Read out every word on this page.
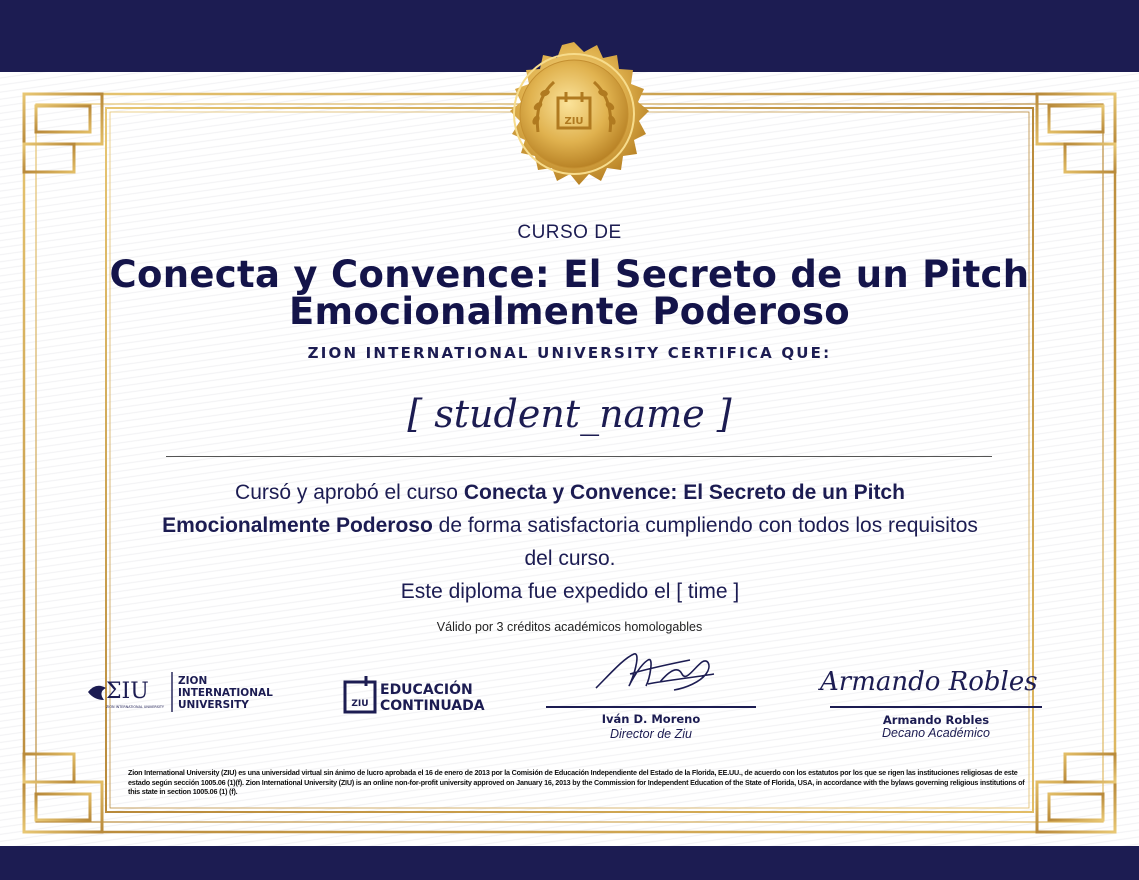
ZIU
CURSO DE
Conecta y Convence: El Secreto de un Pitch Emocionalmente Poderoso
ZION INTERNATIONAL UNIVERSITY CERTIFICA QUE:
[ student_name ]
Cursó y aprobó el curso Conecta y Convence: El Secreto de un Pitch Emocionalmente Poderoso de forma satisfactoria cumpliendo con todos los requisitos del curso.
Este diploma fue expedido el [ time ]
Válido por 3 créditos académicos homologables
ΣIU
ZION INTERNATIONAL UNIVERSITY
ZION
INTERNATIONAL
UNIVERSITY	ZIU
EDUCACIÓN
CONTINUADA
Iván D. Moreno
Director de Ziu
Armando Robles
Armando Robles
Decano Académico
Zion International University (ZIU) es una universidad virtual sin ánimo de lucro aprobada el 16 de enero de 2013 por la Comisión de Educación Independiente del Estado de la Florida, EE.UU., de acuerdo con los estatutos por los que se rigen las instituciones religiosas de este estado según sección 1005.06 (1)(f). Zion International University (ZIU) is an online non-for-profit university approved on January 16, 2013 by the Commission for Independent Education of the State of Florida, USA, in accordance with the bylaws governing religious institutions of this state in section 1005.06 (1) (f).
